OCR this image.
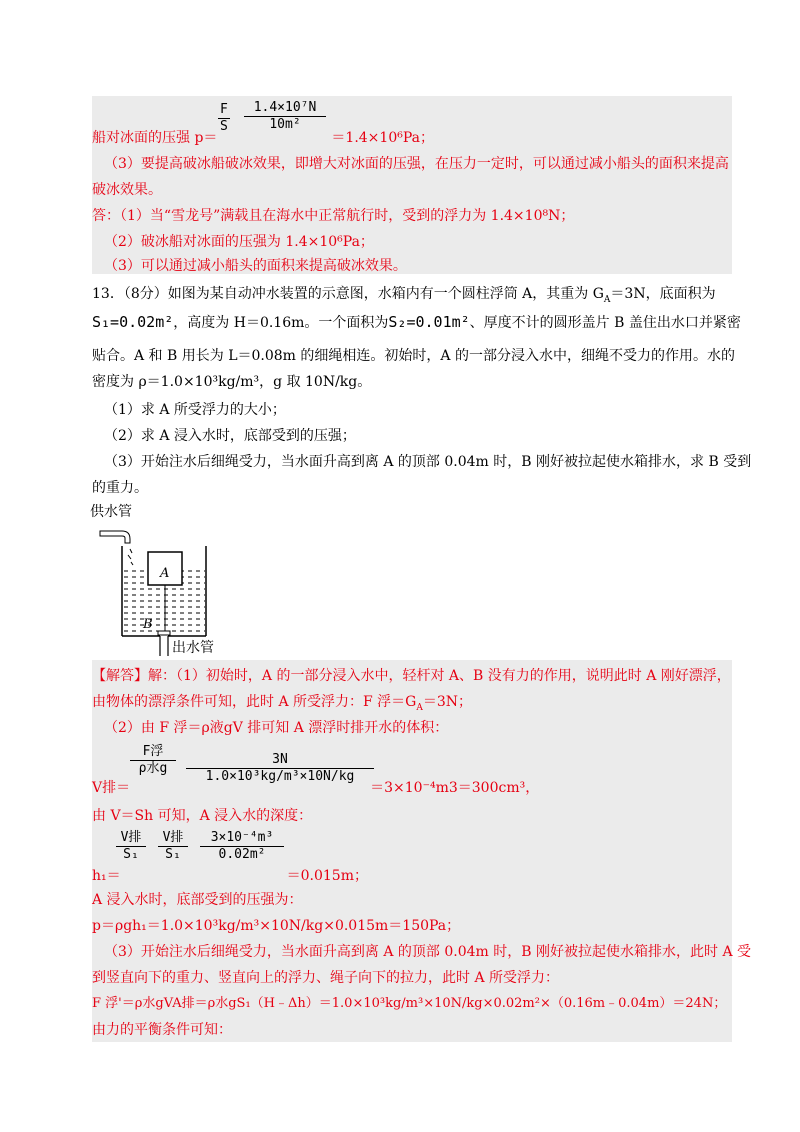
$\frac{F}{S} \frac{\text{1.4×10⁷N}}{\text{10m²}}$
船对冰面的压强 p＝	＝1.4×10⁶Pa；
（3）要提高破冰船破冰效果，即增大对冰面的压强，在压力一定时，可以通过减小船头的面积来提高
破冰效果。
答：（1）当“雪龙号”满载且在海水中正常航行时，受到的浮力为 1.4×10⁸N；
（2）破冰船对冰面的压强为 1.4×10⁶Pa；
（3）可以通过减小船头的面积来提高破冰效果。
13．（8分）如图为某自动冲水装置的示意图，水箱内有一个圆柱浮筒 A，其重为 $G_A=3N$，底面积为
S₁=0.02m²，高度为 H＝0.16m。一个面积为S₂=0.01m²、厚度不计的圆形盖片 B 盖住出水口并紧密
贴合。A 和 B 用长为 L＝0.08m 的细绳相连。初始时，A 的一部分浸入水中，细绳不受力的作用。水的
密度为 ρ＝1.0×10³kg/m³，g 取 10N/kg。
（1）求 A 所受浮力的大小；
（2）求 A 浸入水时，底部受到的压强；
（3）开始注水后细绳受力，当水面升高到离 A 的顶部 0.04m 时，B 刚好被拉起使水箱排水，求 B 受到
的重力。
供水管
A
B
出水管
【解答】解：（1）初始时，A 的一部分浸入水中，轻杆对 A、B 没有力的作用，说明此时 A 刚好漂浮，
由物体的漂浮条件可知，此时 A 所受浮力：F 浮$=G_A=3N$；
（2）由 F 浮＝ρ液gV 排可知 A 漂浮时排开水的体积：
F浮
ρ水g	$\frac{3N}{\text{1.0×10³kg/m³×10N/kg}}$
V排＝	＝3×10⁻⁴m3＝300cm³，
由 V＝Sh 可知，A 浸入水的深度：
V排
S₁
V排
S₁	$\frac{\text{3×10⁻⁴m³}}{\text{0.02m²}}$
h₁＝	＝0.015m；
A 浸入水时，底部受到的压强为：
p＝ρgh₁＝1.0×10³kg/m³×10N/kg×0.015m＝150Pa；
（3）开始注水后细绳受力，当水面升高到离 A 的顶部 0.04m 时，B 刚好被拉起使水箱排水，此时 A 受
到竖直向下的重力、竖直向上的浮力、绳子向下的拉力，此时 A 所受浮力：
F 浮'＝ρ水gVA排＝ρ水gS₁（H﹣Δh）＝1.0×10³kg/m³×10N/kg×0.02m²×（0.16m﹣0.04m）＝24N；
由力的平衡条件可知：
